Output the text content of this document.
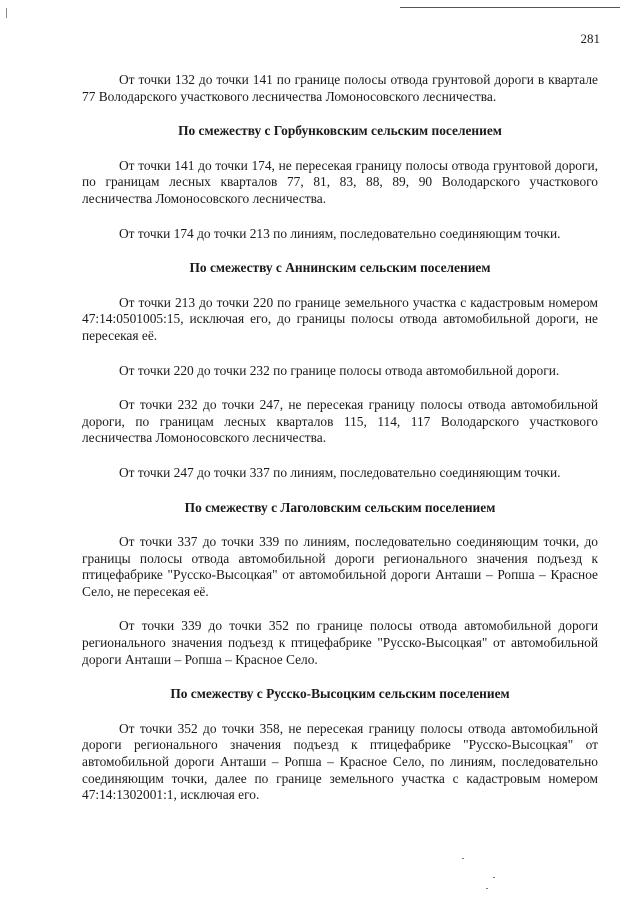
281

От точки 132 до точки 141 по границе полосы отвода грунтовой дороги в квартале 77 Володарского участкового лесничества Ломоносовского лесничества.

По смежеству с Горбунковским сельским поселением

От точки 141 до точки 174, не пересекая границу полосы отвода грунтовой дороги, по границам лесных кварталов 77, 81, 83, 88, 89, 90 Володарского участкового лесничества Ломоносовского лесничества.

От точки 174 до точки 213 по линиям, последовательно соединяющим точки.

По смежеству с Аннинским сельским поселением

От точки 213 до точки 220 по границе земельного участка с кадастровым номером 47:14:0501005:15, исключая его, до границы полосы отвода автомобильной дороги, не пересекая её.

От точки 220 до точки 232 по границе полосы отвода автомобильной дороги.

От точки 232 до точки 247, не пересекая границу полосы отвода автомобильной дороги, по границам лесных кварталов 115, 114, 117 Володарского участкового лесничества Ломоносовского лесничества.

От точки 247 до точки 337 по линиям, последовательно соединяющим точки.

По смежеству с Лаголовским сельским поселением

От точки 337 до точки 339 по линиям, последовательно соединяющим точки, до границы полосы отвода автомобильной дороги регионального значения подъезд к птицефабрике "Русско-Высоцкая" от автомобильной дороги Анташи – Ропша – Красное Село, не пересекая её.

От точки 339 до точки 352 по границе полосы отвода автомобильной дороги регионального значения подъезд к птицефабрике "Русско-Высоцкая" от автомобильной дороги Анташи – Ропша – Красное Село.

По смежеству с Русско-Высоцким сельским поселением

От точки 352 до точки 358, не пересекая границу полосы отвода автомобильной дороги регионального значения подъезд к птицефабрике "Русско-Высоцкая" от автомобильной дороги Анташи – Ропша – Красное Село, по линиям, последовательно соединяющим точки, далее по границе земельного участка с кадастровым номером 47:14:1302001:1, исключая его.
